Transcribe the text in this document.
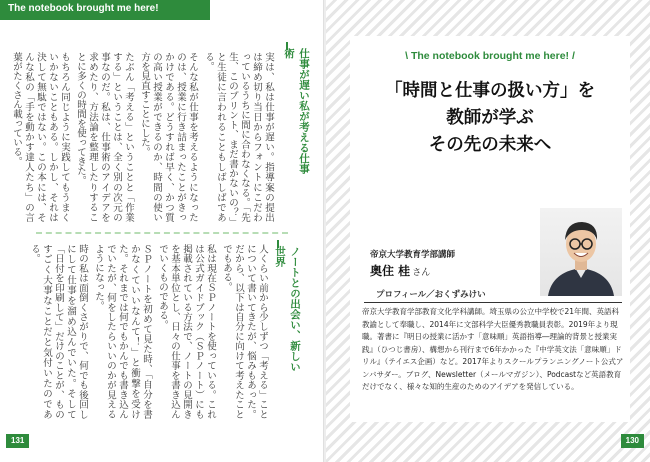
The notebook brought me here!
仕事が遅い私が考える仕事術

実は、私は仕事が遅い。指導案の提出は締め切り当日からフォントにこだわっているうちに間に合わなくなる。「先生、このプリント、まだ書かないの？」と生徒に言われることもしばしばである。

そんな私が仕事を考えるようになったのは、授業に行き詰まったことがきっかけである。どうすれば早く、かつ質の高い授業ができるのか、時間の使い方を見直すことにした。

たぶん「考える」ということと「作業する」ということは、全く別の次元の事なのだ。私は、仕事術のアイデアを求めたり、方法論を整理したりすることに多くの時間を使ってきた。

もちろん同じように実践してもうまくいかないこともある。しかし、それは決して無駄ではない。この本には、そんな私の「手を動かす達人たち」の言葉がたくさん載っている。

ノートとの出会い、新しい世界

人くらい前から少しずつ「考える」ことについて書いてきたが、悩みもあった。だから、以下は自分に向けて考えたことでもある。

私は現在ＳＰノートを使っている。これは公式ガイドブック（ＳＰノート）にも掲載されている方法で、ノートの見開きを基本単位とし、日々の仕事を書き込んでいくものである。

ＳＰノートを初めて見た時、「自分を書かなくていいなんて！」と衝撃を受けた。それまでは何でもかんでも書き込んでいたが、何をしたらいいのかが見えるようになった。

時の私は面倒くさがりで、何でも後回しにして仕事を溜め込んでいた。そして「日付を印刷して」だけのことが、ものすごく大事なことだと気付いたのである。

131
\ The notebook brought me here! /
「時間と仕事の扱い方」を
教師が学ぶ
その先の未来へ
帝京大学教育学部講師
奥住 桂 さん
プロフィール／おくずみけい
帝京大学教育学部教育文化学科講師。埼玉県の公立中学校で21年間、英語科教諭として奉職し、2014年に文部科学大臣優秀教職員表彰。2019年より現職。著書に『明日の授業に活かす「意味順」英語指導―理論的背景と授業実践』（ひつじ書房）、構想から刊行まで6年かかった『中学英文法「意味順」ドリル』（テイエス企画）など。2017年よりスクールプランニングノート公式アンバサダー。ブログ、Newsletter（メールマガジン）、Podcastなど英語教育だけでなく、様々な知的生産のためのアイデアを発信している。
130
